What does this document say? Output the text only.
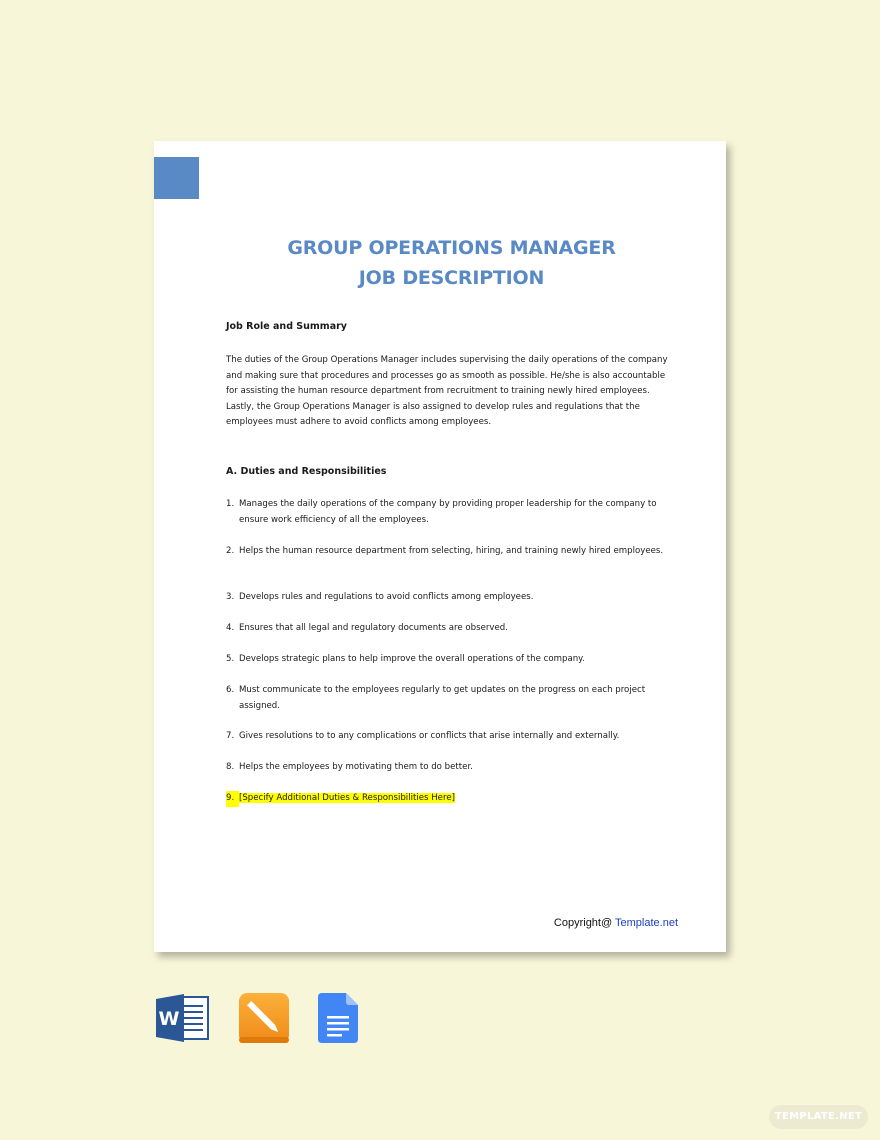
GROUP OPERATIONS MANAGER
JOB DESCRIPTION
Job Role and Summary

The duties of the Group Operations Manager includes supervising the daily operations of the company and making sure that procedures and processes go as smooth as possible. He/she is also accountable for assisting the human resource department from recruitment to training newly hired employees. Lastly, the Group Operations Manager is also assigned to develop rules and regulations that the employees must adhere to avoid conflicts among employees.

A. Duties and Responsibilities
1. Manages the daily operations of the company by providing proper leadership for the company to ensure work efficiency of all the employees.
2. Helps the human resource department from selecting, hiring, and training newly hired employees.
3. Develops rules and regulations to avoid conflicts among employees.
4. Ensures that all legal and regulatory documents are observed.
5. Develops strategic plans to help improve the overall operations of the company.
6. Must communicate to the employees regularly to get updates on the progress on each project assigned.
7. Gives resolutions to to any complications or conflicts that arise internally and externally.
8. Helps the employees by motivating them to do better.
9. [Specify Additional Duties & Responsibilities Here]
Copyright@ Template.net
W
TEMPLATE.NET
